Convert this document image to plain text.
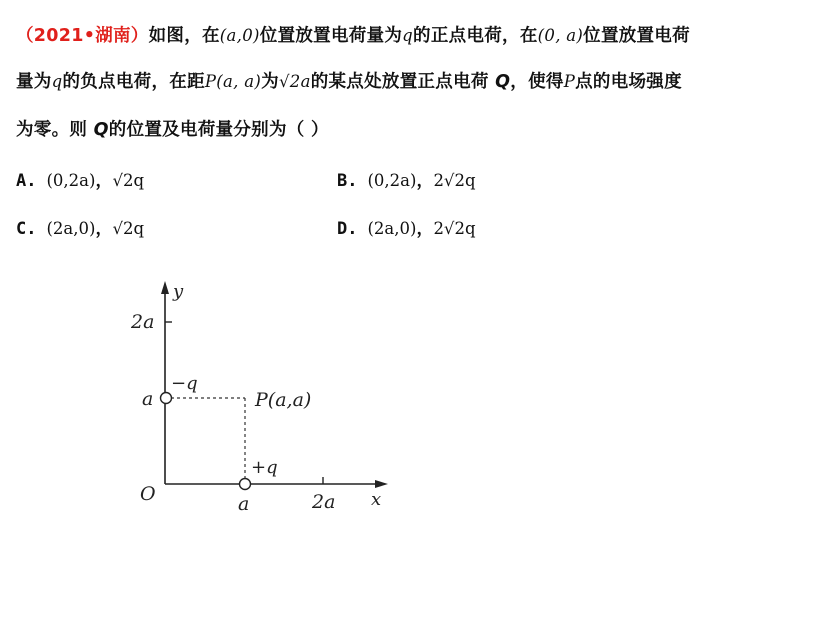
（2021•湖南）如图，在(a,0)位置放置电荷量为q的正点电荷，在(0, a)位置放置电荷
量为q的负点电荷，在距P(a, a)为√2a的某点处放置正点电荷 Q，使得P点的电场强度
为零。则 Q的位置及电荷量分别为（ ）
A. (0,2a)，√2q	B. (0,2a)，2√2q
C. (2a,0)，√2q	D. (2a,0)，2√2q
y
2a
a
−q
P(a,a)
+q
O	a	2a x
